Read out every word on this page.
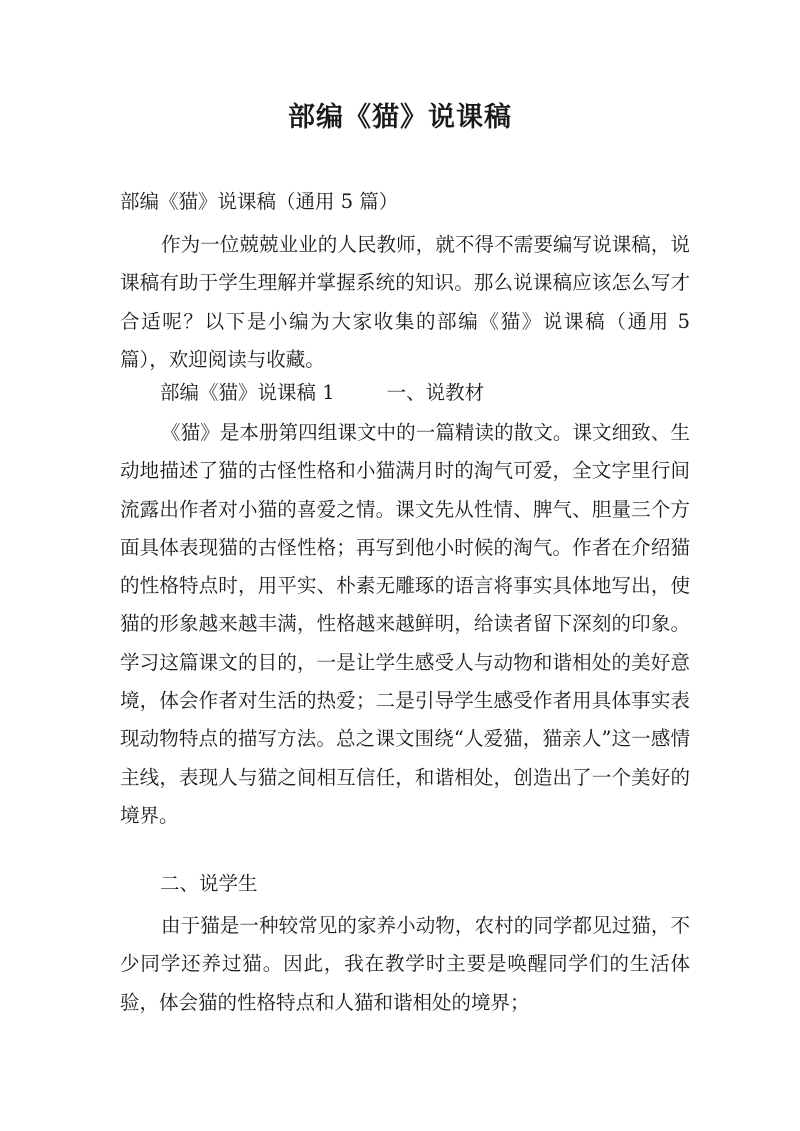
部编《猫》说课稿
部编《猫》说课稿（通用 5 篇）
作为一位兢兢业业的人民教师，就不得不需要编写说课稿，说课稿有助于学生理解并掌握系统的知识。那么说课稿应该怎么写才合适呢？以下是小编为大家收集的部编《猫》说课稿（通用 5 篇），欢迎阅读与收藏。
部编《猫》说课稿 1	一、说教材
《猫》是本册第四组课文中的一篇精读的散文。课文细致、生动地描述了猫的古怪性格和小猫满月时的淘气可爱，全文字里行间流露出作者对小猫的喜爱之情。课文先从性情、脾气、胆量三个方面具体表现猫的古怪性格；再写到他小时候的淘气。作者在介绍猫的性格特点时，用平实、朴素无雕琢的语言将事实具体地写出，使猫的形象越来越丰满，性格越来越鲜明，给读者留下深刻的印象。学习这篇课文的目的，一是让学生感受人与动物和谐相处的美好意境，体会作者对生活的热爱；二是引导学生感受作者用具体事实表现动物特点的描写方法。总之课文围绕“人爱猫，猫亲人”这一感情主线，表现人与猫之间相互信任，和谐相处，创造出了一个美好的境界。
二、说学生
由于猫是一种较常见的家养小动物，农村的同学都见过猫，不少同学还养过猫。因此，我在教学时主要是唤醒同学们的生活体验，体会猫的性格特点和人猫和谐相处的境界；
